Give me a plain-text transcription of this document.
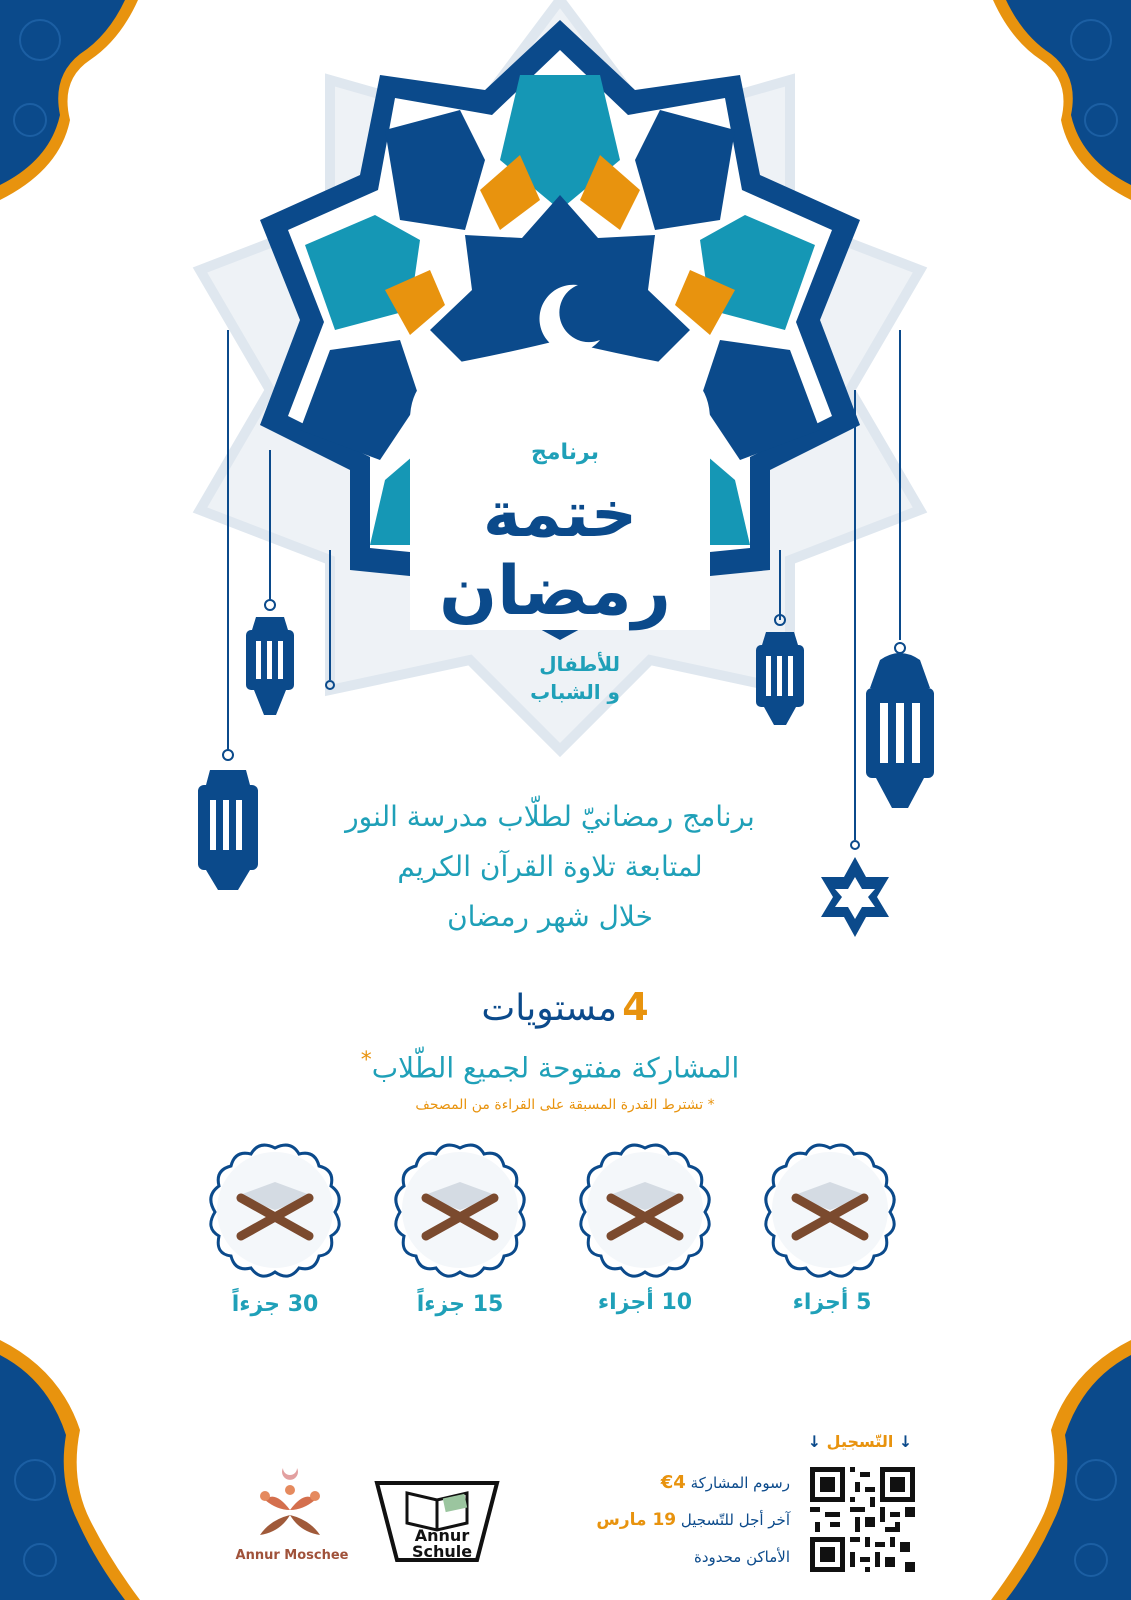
برنامج
ختمة
رمضان
للأطفال
و الشباب
برنامج رمضانيّ لطلّاب مدرسة النور
لمتابعة تلاوة القرآن الكريم
خلال شهر رمضان
4 مستويات
المشاركة مفتوحة لجميع الطّلاب*
* تشترط القدرة المسبقة على القراءة من المصحف
30 جزءاً	15 جزءاً	10 أجزاء	5 أجزاء
Annur Moschee
Annur
Schule
↓ التّسجيل ↓
رسوم المشاركة 4€
آخر أجل للتّسجيل 19 مارس
الأماكن محدودة
